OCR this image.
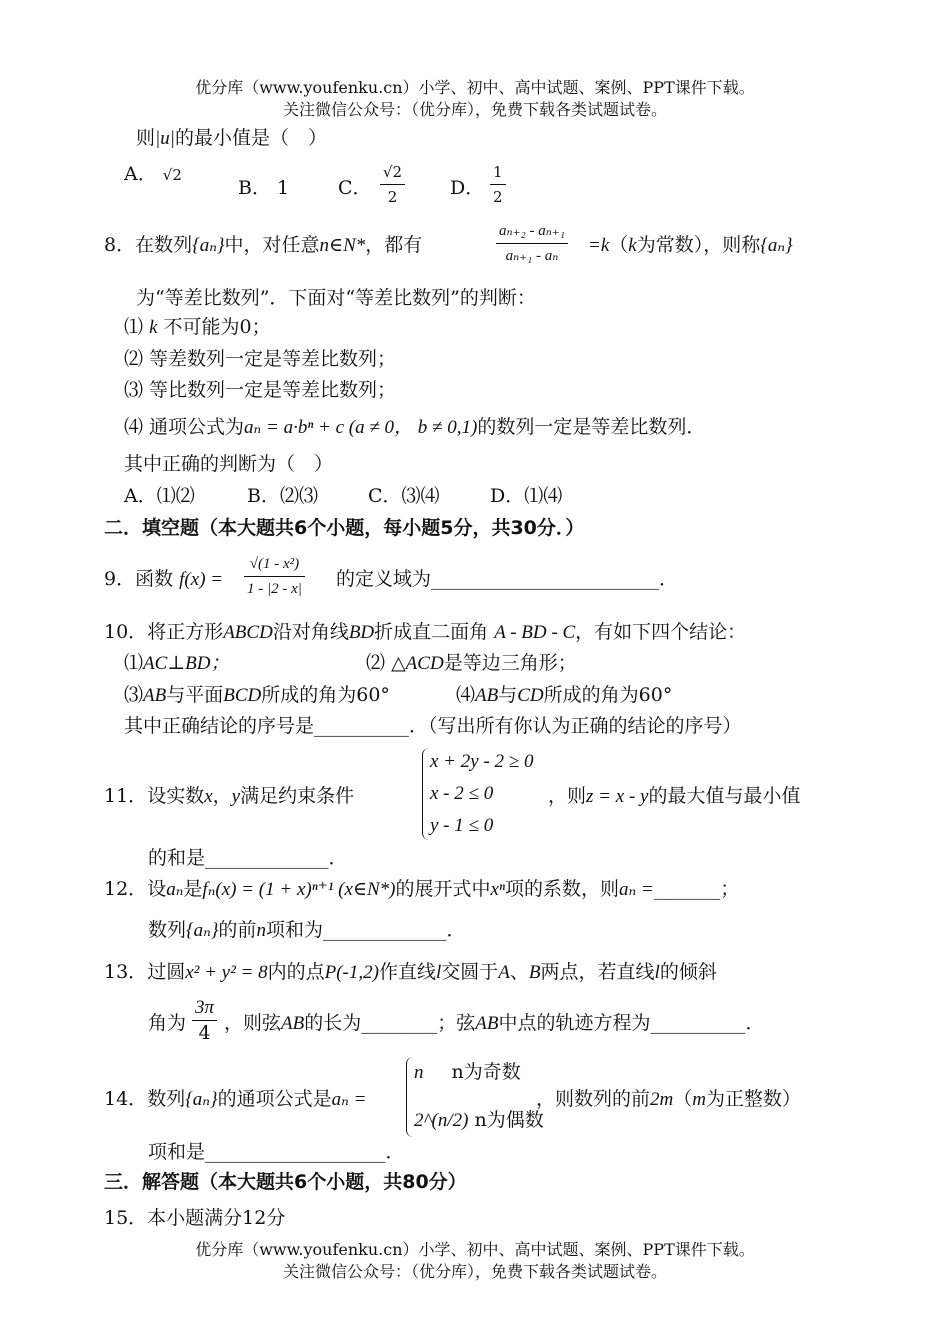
优分库（www.youfenku.cn）小学、初中、高中试题、案例、PPT课件下载。
关注微信公众号：（优分库），免费下载各类试题试卷。
则|u|的最小值是（　）
A． √2
B． 1	C． $\frac{√2}{2}$ D． $\frac{1}{2}$
8．在数列{aₙ}中，对任意n∈N*，都有	$\frac{\text{aₙ₊₂ - aₙ₊₁}}{\text{aₙ₊₁ - aₙ}} =k(k$为常数），则称{aₙ}
为“等差比数列”．下面对“等差比数列”的判断：
⑴ k 不可能为0；
⑵ 等差数列一定是等差比数列；
⑶ 等比数列一定是等差比数列；
⑷ 通项公式为aₙ = a·bⁿ + c (a ≠ 0， b ≠ 0,1)的数列一定是等差比数列．
其中正确的判断为（　）
A．⑴⑵	B．⑵⑶	C．⑶⑷	D．⑴⑷
二．填空题（本大题共6个小题，每小题5分，共30分．）
9．函数 $f(x) = \frac{\text{√(1 - x²)}}{1 - |2 - x|}$ 的定义域为________________________．
10．将正方形ABCD沿对角线BD折成直二面角 A - BD - C，有如下四个结论：
⑴AC⊥BD；	⑵ △ACD是等边三角形；
⑶AB与平面BCD所成的角为60°	⑷AB与CD所成的角为60°
其中正确结论的序号是__________．（写出所有你认为正确的结论的序号）
11．设实数x，y满足约束条件
x + 2y - 2 ≥ 0
x - 2 ≤ 0
y - 1 ≤ 0
，则z = x - y的最大值与最小值
的和是_____________．
12．设aₙ是fₙ(x) = (1 + x)ⁿ⁺¹ (x∈N*)的展开式中xⁿ项的系数，则aₙ =_______；
数列{aₙ}的前n项和为_____________．
13．过圆x² + y² = 8内的点P(-1,2)作直线l交圆于A、B两点，若直线l的倾斜
角为 $\frac{3\pi}{4}$ ，则弦AB的长为________；弦AB中点的轨迹方程为__________．
14．数列{aₙ}的通项公式是aₙ =
n n为奇数
2^(n/2) n为偶数
，则数列的前2m（m为正整数）
项和是___________________．
三．解答题（本大题共6个小题，共80分）
15．本小题满分12分
优分库（www.youfenku.cn）小学、初中、高中试题、案例、PPT课件下载。
关注微信公众号：（优分库），免费下载各类试题试卷。
